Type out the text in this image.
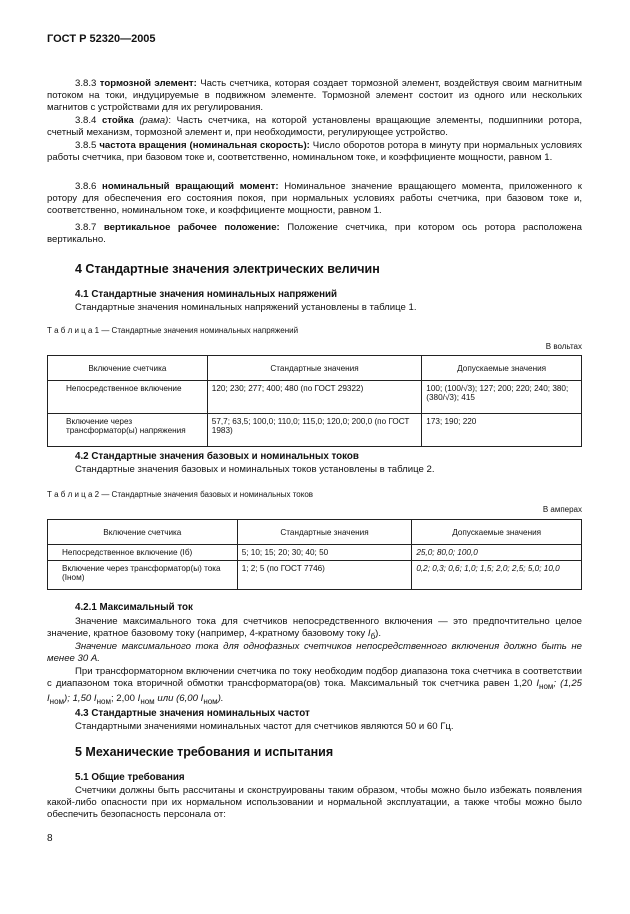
ГОСТ Р 52320—2005
3.8.3 тормозной элемент: Часть счетчика, которая создает тормозной элемент, воздействуя своим магнитным потоком на токи, индуцируемые в подвижном элементе. Тормозной элемент состоит из одного или нескольких магнитов с устройствами для их регулирования.
3.8.4 стойка (рама): Часть счетчика, на которой установлены вращающие элементы, подшипники ротора, счетный механизм, тормозной элемент и, при необходимости, регулирующее устройство.
3.8.5 частота вращения (номинальная скорость): Число оборотов ротора в минуту при нормальных условиях работы счетчика, при базовом токе и, соответственно, номинальном токе, и коэффициенте мощности, равном 1.
3.8.6 номинальный вращающий момент: Номинальное значение вращающего момента, приложенного к ротору для обеспечения его состояния покоя, при нормальных условиях работы счетчика, при базовом токе и, соответственно, номинальном токе, и коэффициенте мощности, равном 1.
3.8.7 вертикальное рабочее положение: Положение счетчика, при котором ось ротора расположена вертикально.
4 Стандартные значения электрических величин
4.1 Стандартные значения номинальных напряжений
Стандартные значения номинальных напряжений установлены в таблице 1.
Т а б л и ц а 1 — Стандартные значения номинальных напряжений
В вольтах
Включение счетчика	Стандартные значения	Допускаемые значения
Непосредственное включение	120; 230; 277; 400; 480 (по ГОСТ 29322)	100; (100/√3); 127; 200; 220; 240; 380; (380/√3); 415
Включение через трансформатор(ы) напряжения	57,7; 63,5; 100,0; 110,0; 115,0; 120,0; 200,0 (по ГОСТ 1983)	173; 190; 220
4.2 Стандартные значения базовых и номинальных токов
Стандартные значения базовых и номинальных токов установлены в таблице 2.
Т а б л и ц а 2 — Стандартные значения базовых и номинальных токов
В амперах
Включение счетчика	Стандартные значения	Допускаемые значения
Непосредственное включение (Iб)	5; 10; 15; 20; 30; 40; 50	25,0; 80,0; 100,0
Включение через трансформатор(ы) тока (Iном)	1; 2; 5 (по ГОСТ 7746)	0,2; 0,3; 0,6; 1,0; 1,5; 2,0; 2,5; 5,0; 10,0
4.2.1 Максимальный ток
Значение максимального тока для счетчиков непосредственного включения — это предпочтительно целое значение, кратное базовому току (например, 4-кратному базовому току $I_б$).
Значение максимального тока для однофазных счетчиков непосредственного включения должно быть не менее 30 А.
При трансформаторном включении счетчика по току необходим подбор диапазона тока счетчика в соответствии с диапазоном тока вторичной обмотки трансформатора(ов) тока. Максимальный ток счетчика равен 1,20 $I_{ном}$; (1,25 $I_{ном}$); 1,50 $I_{ном}$; 2,00 $I_{ном}$ или (6,00 $I_{ном}$).
4.3 Стандартные значения номинальных частот
Стандартными значениями номинальных частот для счетчиков являются 50 и 60 Гц.
5 Механические требования и испытания
5.1 Общие требования
Счетчики должны быть рассчитаны и сконструированы таким образом, чтобы можно было избежать появления какой-либо опасности при их нормальном использовании и нормальной эксплуатации, а также чтобы можно было обеспечить безопасность персонала от:
8
